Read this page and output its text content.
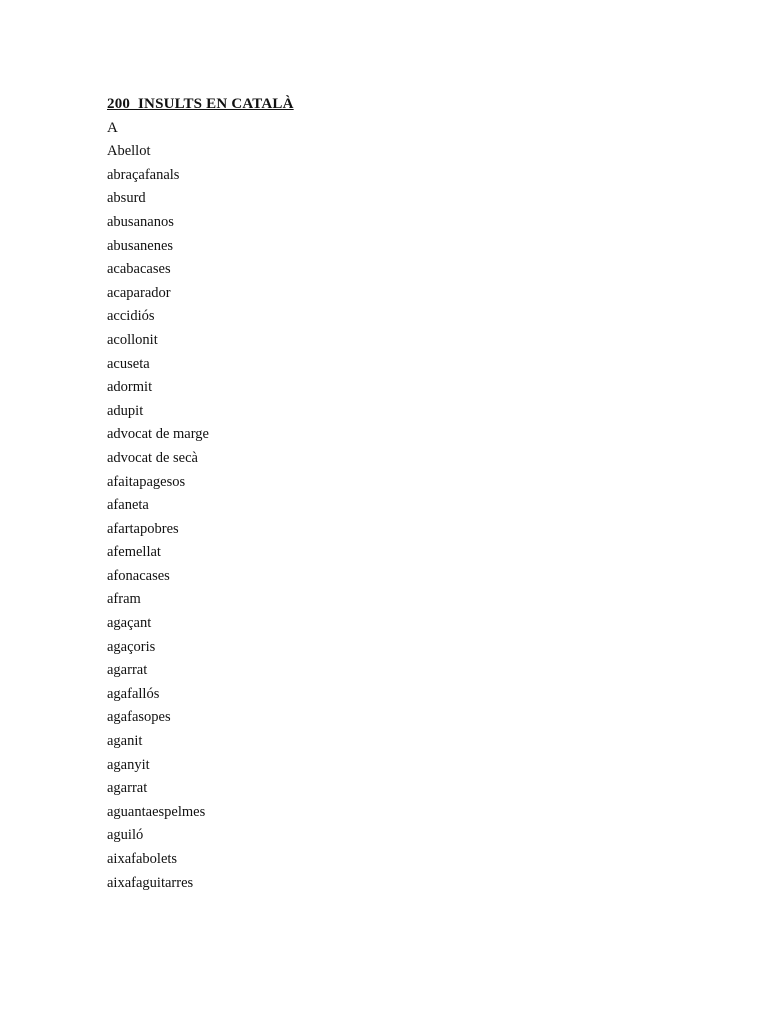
200  INSULTS EN CATALÀ
A
Abellot
abraçafanals
absurd
abusananos
abusanenes
acabacases
acaparador
accidiós
acollonit
acuseta
adormit
adupit
advocat de marge
advocat de secà
afaitapagesos
afaneta
afartapobres
afemellat
afonacases
afram
agaçant
agaçoris
agarrat
agafallós
agafasopes
aganit
aganyit
agarrat
aguantaespelmes
aguiló
aixafabolets
aixafaguitarres
